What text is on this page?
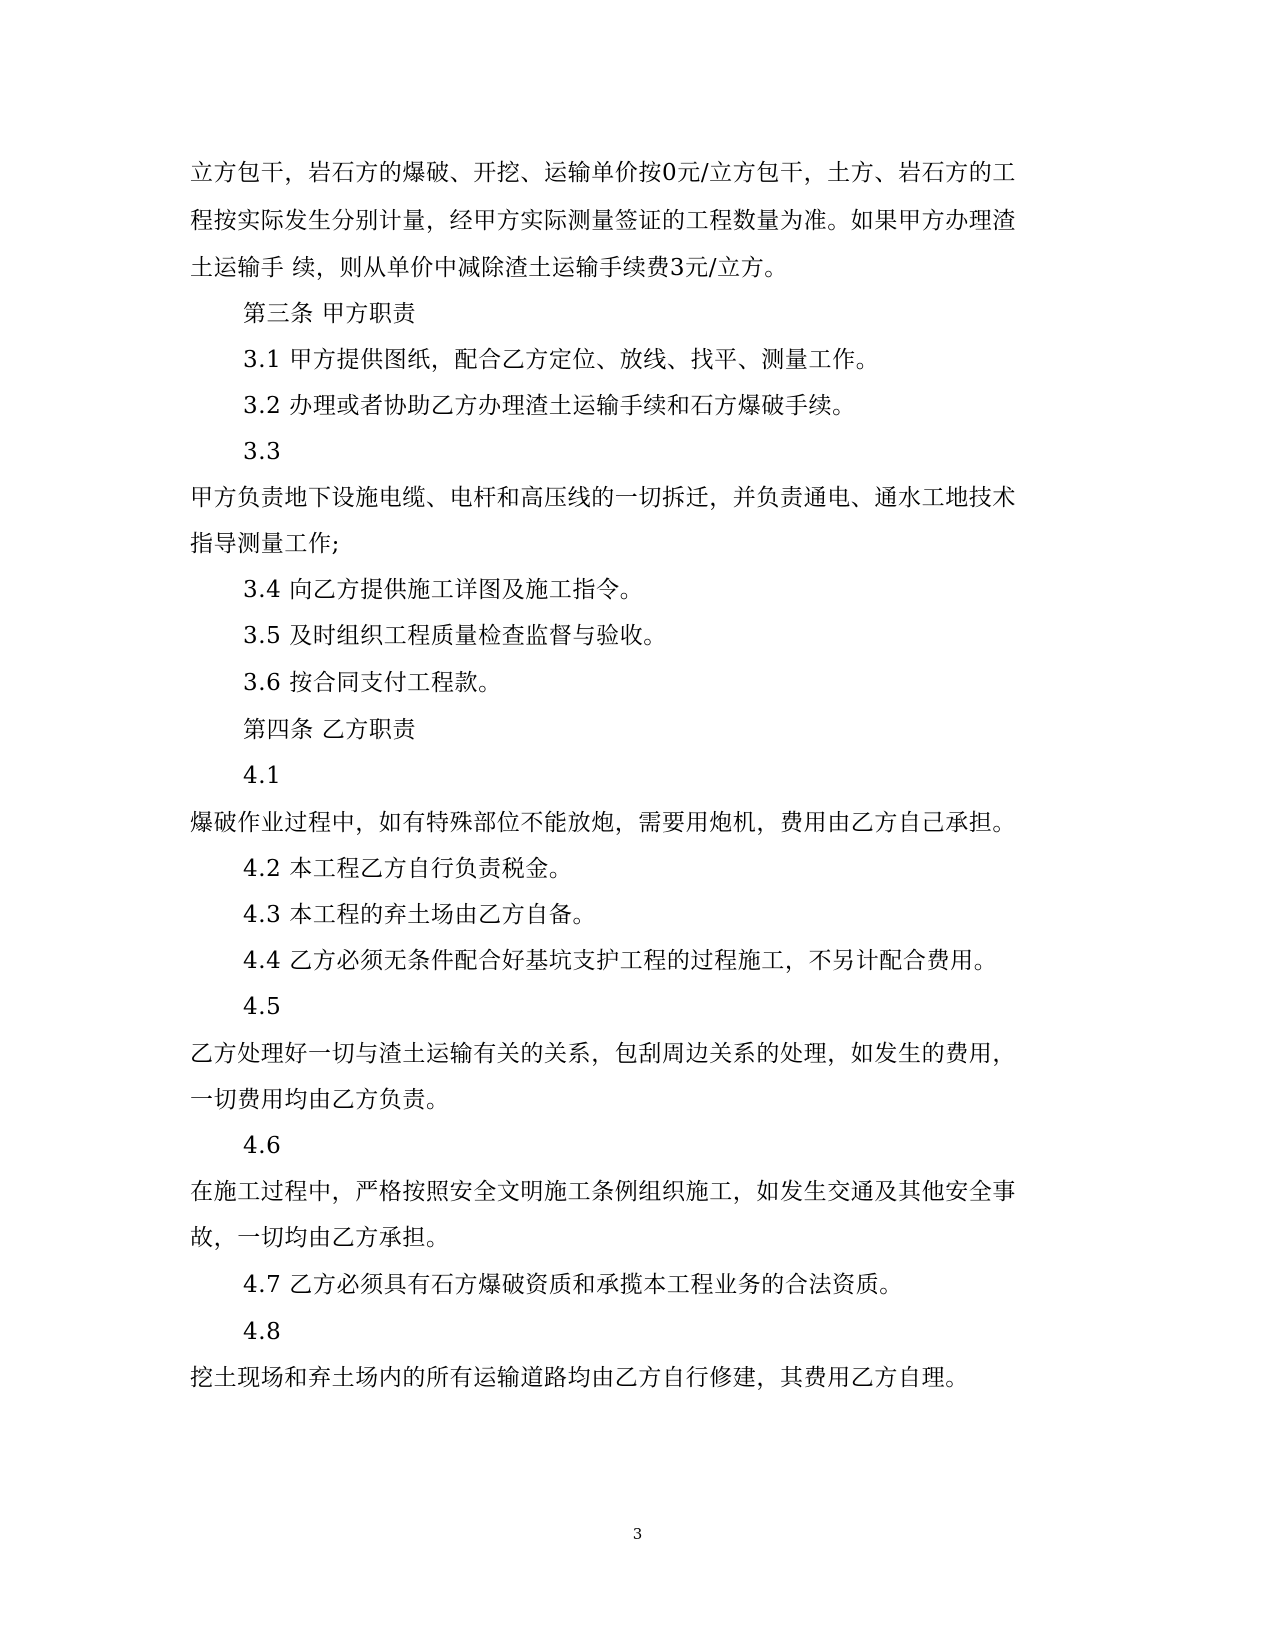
立方包干，岩石方的爆破、开挖、运输单价按0元/立方包干，土方、岩石方的工
程按实际发生分别计量，经甲方实际测量签证的工程数量为准。如果甲方办理渣
土运输手 续，则从单价中减除渣土运输手续费3元/立方。
第三条 甲方职责
3.1 甲方提供图纸，配合乙方定位、放线、找平、测量工作。
3.2 办理或者协助乙方办理渣土运输手续和石方爆破手续。
3.3
甲方负责地下设施电缆、电杆和高压线的一切拆迁，并负责通电、通水工地技术
指导测量工作;
3.4 向乙方提供施工详图及施工指令。
3.5 及时组织工程质量检查监督与验收。
3.6 按合同支付工程款。
第四条 乙方职责
4.1
爆破作业过程中，如有特殊部位不能放炮，需要用炮机，费用由乙方自己承担。
4.2 本工程乙方自行负责税金。
4.3 本工程的弃土场由乙方自备。
4.4 乙方必须无条件配合好基坑支护工程的过程施工，不另计配合费用。
4.5
乙方处理好一切与渣土运输有关的关系，包刮周边关系的处理，如发生的费用，
一切费用均由乙方负责。
4.6
在施工过程中，严格按照安全文明施工条例组织施工，如发生交通及其他安全事
故，一切均由乙方承担。
4.7 乙方必须具有石方爆破资质和承揽本工程业务的合法资质。
4.8
挖土现场和弃土场内的所有运输道路均由乙方自行修建，其费用乙方自理。
3
